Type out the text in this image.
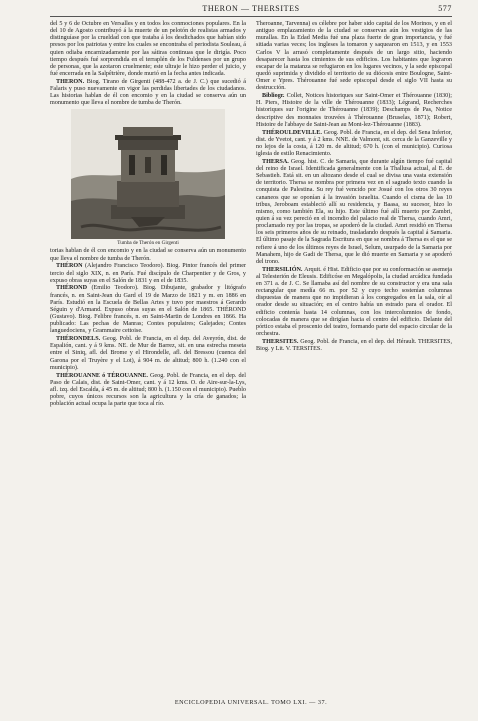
THERON — THERSITES	577

del 5 y 6 de Octubre en Versalles y en todos los conmociones populares. En la del 10 de Agosto contribuyó á la muerte de un pelotón de realistas armados y distinguíase por la crueldad con que trataba á los desdichados que habían sido presos por los patriotas y entre los cuales se encontraba el periodista Souleau, á quien odiaba encarnizadamente por las sátiras continuas que le dirigía. Poco tiempo después fué sorprendida en el terraplén de los Fuldenses por un grupo de personas, que la azotaron cruelmente; este ultraje le hizo perder el juicio, y fué encerrada en la Salpêtrière, donde murió en la fecha antes indicada.

THERON. Biog. Tirano de Girgenti (488-472 a. de J. C.) que sucedió á Falaris y puso nuevamente en vigor las perdidas libertades de los ciudadanos. Las historias hablan de él con encomio y en la ciudad se conserva aún un monumento que lleva el nombre de tumba de Therón.

Tumba de Therón en Girgenti

torias hablan de él con encomio y en la ciudad se conserva aún un monumento que lleva el nombre de tumba de Therón.

THÉRON (Alejandro Francisco Teodoro). Biog. Pintor francés del primer tercio del siglo XIX, n. en París. Fué discípulo de Charpentier y de Gros, y expuso obras suyas en el Salón de 1831 y en el de 1835.

THÉROND (Emilio Teodoro). Biog. Dibujante, grabador y litógrafo francés, n. en Saint-Jean du Gard el 19 de Marzo de 1821 y m. en 1886 en París. Estudió en la Escuela de Bellas Artes y tuvo por maestros á Gerardo Séguin y d'Armand. Expuso obras suyas en el Salón de 1865. THÉROND (Gustavo). Biog. Felibre francés, n. en Saint-Martin de Londres en 1866. Ha publicado: Las pechas de Manras; Contes populaires; Galejades; Contes languedociens, y Grammaire cettoise.

THÉRONDELS. Geog. Pobl. de Francia, en el dep. del Aveyrón, dist. de Espalión, cant. y á 9 kms. NE. de Mur de Barrez, sit. en una estrecha meseta entre el Siniq, afl. del Brome y el Hirondelle, afl. del Bressou (cuenca del Garona por el Truyère y el Lot), á 904 m. de altitud; 800 h. (1.240 con el municipio).

THÉROUANNE ó TÉROUANNE. Geog. Pobl. de Francia, en el dep. del Paso de Calais, dist. de Saint-Omer, cant. y á 12 kms. O. de Aire-sur-la-Lys, afl. izq. del Escalda, á 45 m. de altitud; 800 h. (1.150 con el municipio). Pueblo pobre, cuyos únicos recursos son la agricultura y la cría de ganados; la población actual ocupa la parte que toca al río.

Theroanne, Tarvenna) es célebre por haber sido capital de los Morinos, y en el antiguo emplazamiento de la ciudad se conservan aún los vestigios de las murallas. En la Edad Media fué una plaza fuerte de gran importancia, y fué sitiada varias veces; los ingleses la tomaron y saquearon en 1513, y en 1553 Carlos V la arrasó completamente después de un largo sitio, haciendo desaparecer hasta los cimientos de sus edificios. Los habitantes que lograron escapar de la matanza se refugiaron en los lugares vecinos, y la sede episcopal quedó suprimida y dividido el territorio de su diócesis entre Boulogne, Saint-Omer e Ypres. Thérouanne fué sede episcopal desde el siglo VII hasta su destrucción.

Bibliogr. Collet, Notices historiques sur Saint-Omer et Thérouanne (1830); H. Piers, Histoire de la ville de Thérouanne (1833); Légrand, Recherches historiques sur l'origine de Thérouanne (1839); Deschamps de Pas, Notice descriptive des monnaies trouvées à Thérouanne (Bruselas, 1871); Robert, Histoire de l'abbaye de Saint-Jean au Mont-lez-Thérouanne (1883).

THÉROULDEVILLE. Geog. Pobl. de Francia, en el dep. del Sena Inferior, dist. de Yvetot, cant. y á 2 kms. NNE. de Valmont, sit. cerca de la Ganzeville y no lejos de la costa, á 120 m. de altitud; 670 h. (con el municipio). Curiosa iglesia de estilo Renacimiento.

THERSA. Geog. hist. C. de Samaria, que durante algún tiempo fué capital del reino de Israel. Identificada generalmente con la Thallusa actual, al E. de Sebastieh. Está sit. en un altozano desde el cual se divisa una vasta extensión de territorio. Thersa se nombra por primera vez en el sagrado texto cuando la conquista de Palestina. Su rey fué vencido por Josué con los otros 30 reyes cananeos que se oponían á la invasión israelita. Cuando el cisma de las 10 tribus, Jeroboam estableció allí su residencia, y Baasa, su sucesor, hizo lo mismo, como también Ela, su hijo. Este último fué allí muerto por Zambri, quien á su vez pereció en el incendio del palacio real de Thersa, cuando Amri, proclamado rey por las tropas, se apoderó de la ciudad. Amri residió en Thersa los seis primeros años de su reinado, trasladando después la capital á Samaria. El último pasaje de la Sagrada Escritura en que se nombra á Thersa es el que se refiere á uno de los últimos reyes de Israel, Selum, usurpado de la Samaria por Manahem, hijo de Gadi de Thersa, que le dió muerte en Samaria y se apoderó del trono.

THERSILIÓN. Arquit. é Hist. Edificio que por su conformación se asemeja al Telesterión de Eleusis. Edificóse en Megalópolis, la ciudad arcádica fundada en 371 a. de J. C. Se llamaba así del nombre de su constructor y era una sala rectangular que medía 66 m. por 52 y cuyo techo sostenían columnas dispuestas de manera que no impidieran á los congregados en la sala, oír al orador desde su situación; en el centro había un estrado para el orador. El edificio contenía hasta 14 columnas, con los intercolumnios de fondo, colocadas de manera que se dirigían hacia el centro del edificio. Delante del pórtico estaba el proscenio del teatro, formando parte del espacio circular de la orchestra.

THERSITES. Geog. Pobl. de Francia, en el dep. del Hérault. THERSITES, Biog. y Lit. V. TERSITES.

ENCICLOPEDIA UNIVERSAL. TOMO LXI. — 37.
